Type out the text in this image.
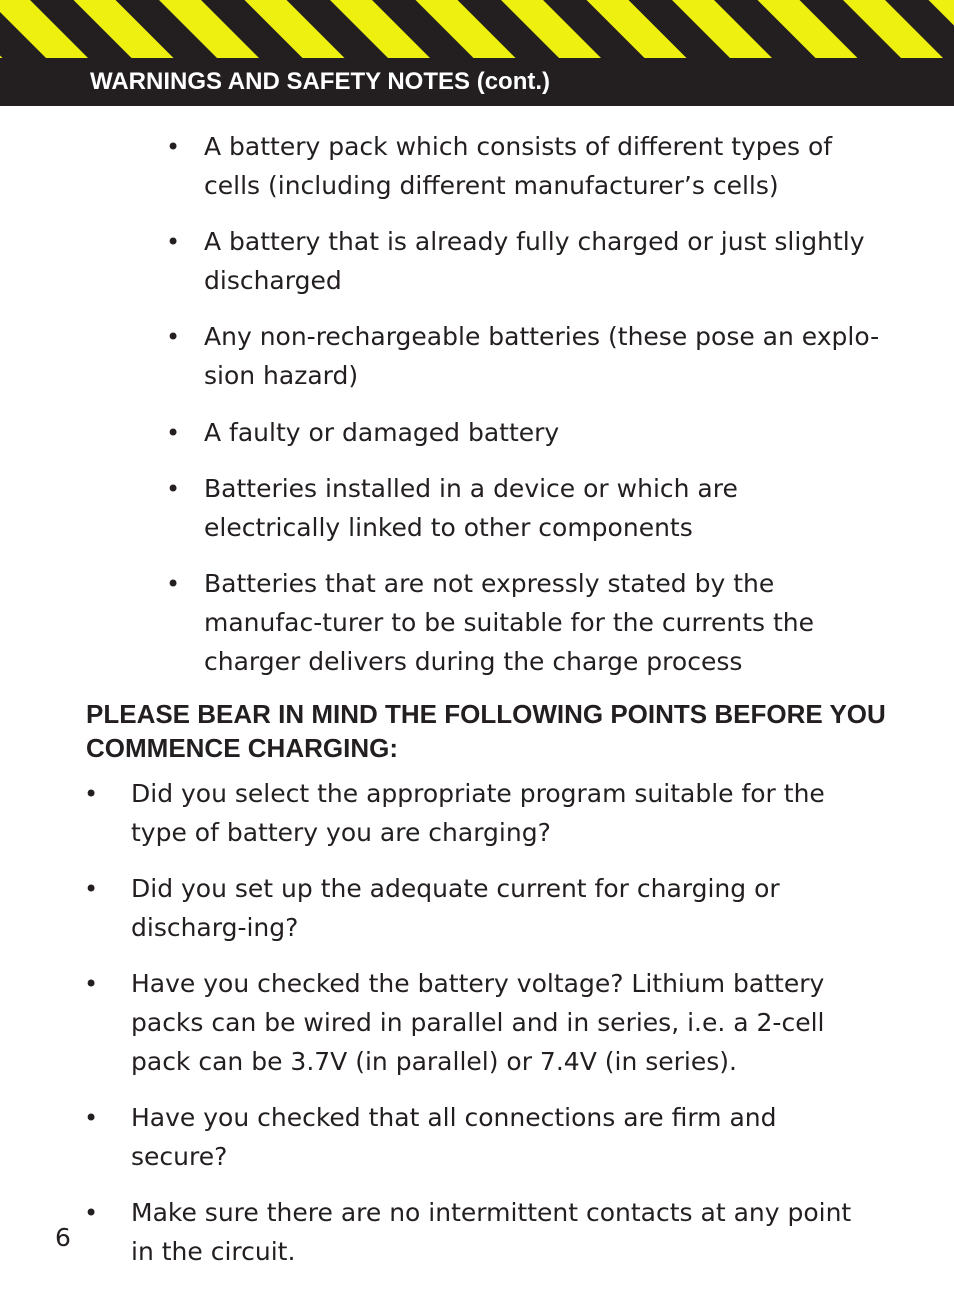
WARNINGS AND SAFETY NOTES (cont.)
• A battery pack which consists of different types of cells (including different manufacturer’s cells)
• A battery that is already fully charged or just slightly discharged
• Any non-rechargeable batteries (these pose an explo-sion hazard)
• A faulty or damaged battery
• Batteries installed in a device or which are electrically linked to other components
• Batteries that are not expressly stated by the manufac-turer to be suitable for the currents the charger delivers during the charge process
PLEASE BEAR IN MIND THE FOLLOWING POINTS BEFORE YOU COMMENCE CHARGING:
• Did you select the appropriate program suitable for the type of battery you are charging?
• Did you set up the adequate current for charging or discharg-ing?
• Have you checked the battery voltage? Lithium battery packs can be wired in parallel and in series, i.e. a 2-cell pack can be 3.7V (in parallel) or 7.4V (in series).
• Have you checked that all connections are firm and secure?
• Make sure there are no intermittent contacts at any point in the circuit.
6
